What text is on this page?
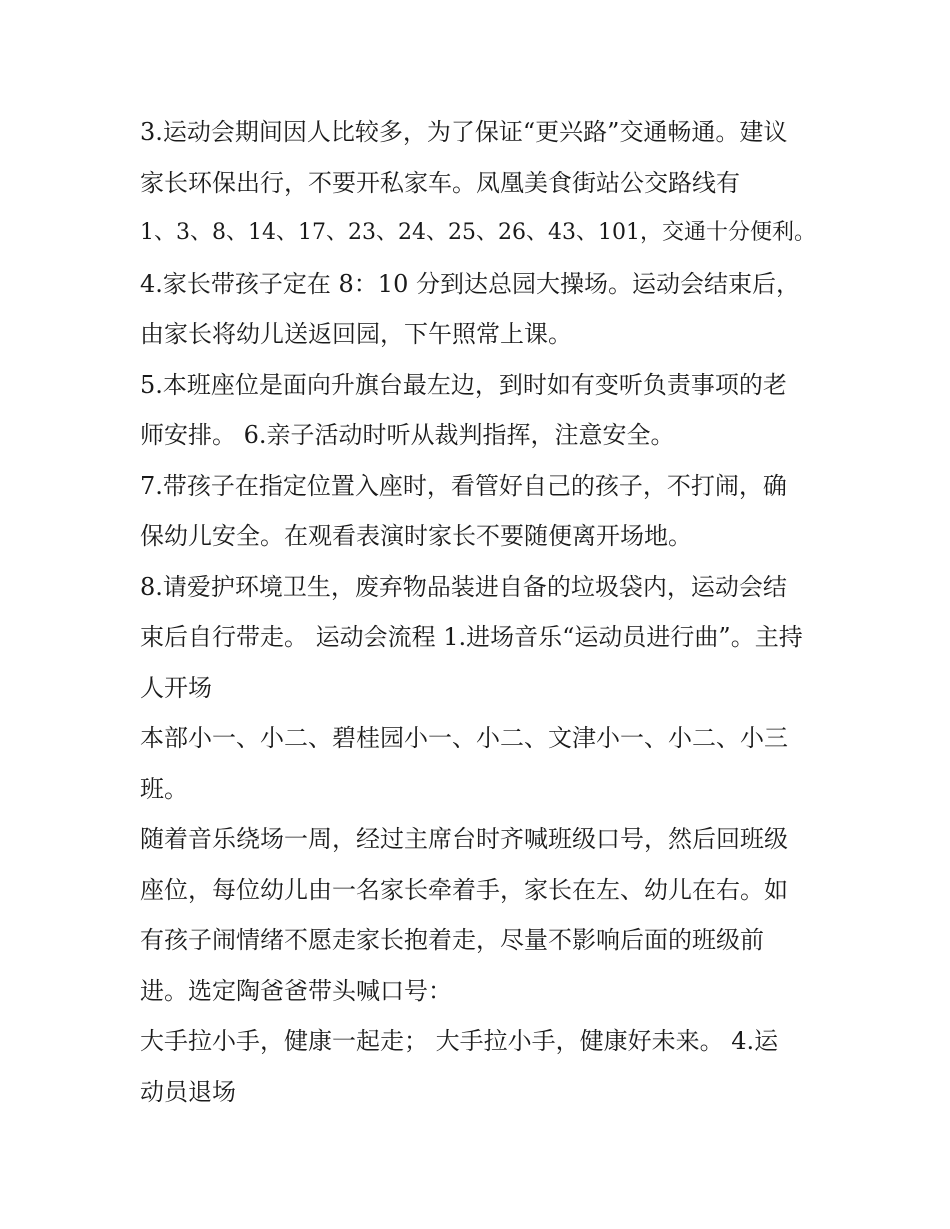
3.运动会期间因人比较多，为了保证“更兴路”交通畅通。建议
家长环保出行，不要开私家车。凤凰美食街站公交路线有
1、3、8、14、17、23、24、25、26、43、101，交通十分便利。
4.家长带孩子定在 8：10 分到达总园大操场。运动会结束后，
由家长将幼儿送返回园，下午照常上课。
5.本班座位是面向升旗台最左边，到时如有变听负责事项的老
师安排。 6.亲子活动时听从裁判指挥，注意安全。
7.带孩子在指定位置入座时，看管好自己的孩子，不打闹，确
保幼儿安全。在观看表演时家长不要随便离开场地。
8.请爱护环境卫生，废弃物品装进自备的垃圾袋内，运动会结
束后自行带走。 运动会流程 1.进场音乐“运动员进行曲”。主持
人开场
本部小一、小二、碧桂园小一、小二、文津小一、小二、小三
班。
随着音乐绕场一周，经过主席台时齐喊班级口号，然后回班级
座位，每位幼儿由一名家长牵着手，家长在左、幼儿在右。如
有孩子闹情绪不愿走家长抱着走，尽量不影响后面的班级前
进。选定陶爸爸带头喊口号：
大手拉小手，健康一起走； 大手拉小手，健康好未来。 4.运
动员退场
